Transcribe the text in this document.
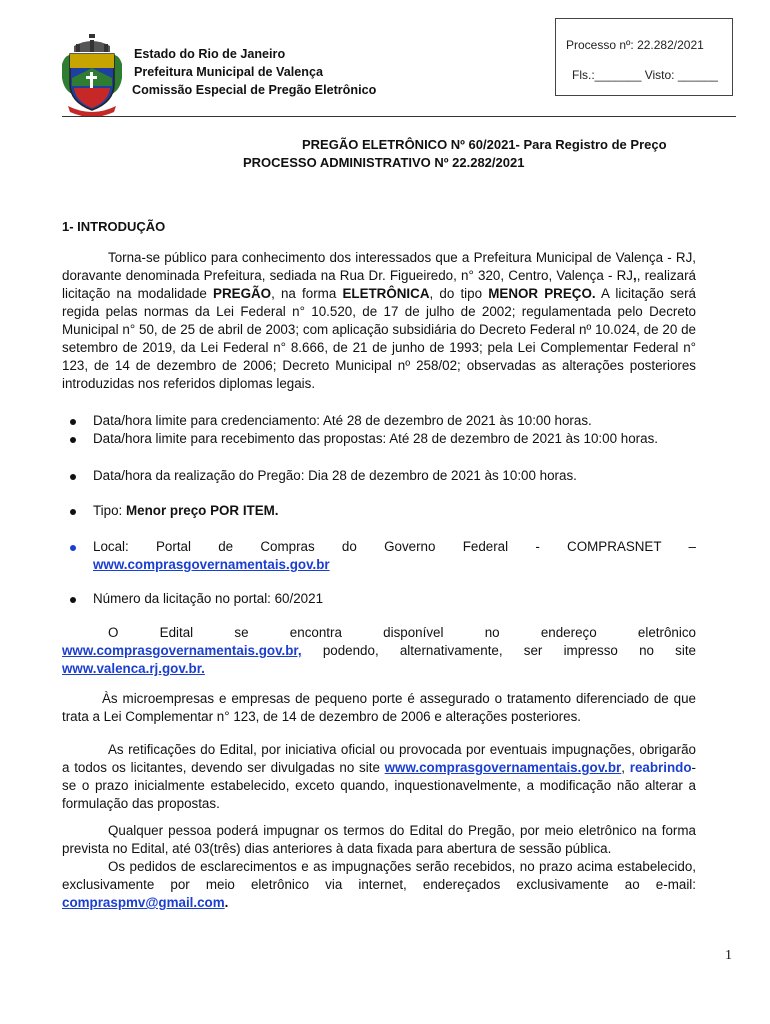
Estado do Rio de Janeiro
Prefeitura Municipal de Valença
Comissão Especial de Pregão Eletrônico
Processo nº: 22.282/2021
Fls.:_______ Visto: ______
PREGÃO ELETRÔNICO Nº 60/2021- Para Registro de Preço
PROCESSO ADMINISTRATIVO Nº 22.282/2021
1- INTRODUÇÃO
Torna-se público para conhecimento dos interessados que a Prefeitura Municipal de Valença - RJ, doravante denominada Prefeitura, sediada na Rua Dr. Figueiredo, n° 320, Centro, Valença - RJ,, realizará licitação na modalidade PREGÃO, na forma ELETRÔNICA, do tipo MENOR PREÇO. A licitação será regida pelas normas da Lei Federal n° 10.520, de 17 de julho de 2002; regulamentada pelo Decreto Municipal n° 50, de 25 de abril de 2003; com aplicação subsidiária do Decreto Federal nº 10.024, de 20 de setembro de 2019, da Lei Federal n° 8.666, de 21 de junho de 1993; pela Lei Complementar Federal n° 123, de 14 de dezembro de 2006; Decreto Municipal nº 258/02; observadas as alterações posteriores introduzidas nos referidos diplomas legais.
Data/hora limite para credenciamento: Até 28 de dezembro de 2021 às 10:00 horas.
Data/hora limite para recebimento das propostas: Até 28 de dezembro de 2021 às 10:00 horas.
Data/hora da realização do Pregão: Dia 28 de dezembro de 2021 às 10:00 horas.
Tipo: Menor preço POR ITEM.
Local: Portal de Compras do Governo Federal - COMPRASNET –
www.comprasgovernamentais.gov.br
Número da licitação no portal: 60/2021
O Edital se encontra disponível no endereço eletrônico
www.comprasgovernamentais.gov.br, podendo, alternativamente, ser impresso no site
www.valenca.rj.gov.br.
Às microempresas e empresas de pequeno porte é assegurado o tratamento diferenciado de que trata a Lei Complementar n° 123, de 14 de dezembro de 2006 e alterações posteriores.
As retificações do Edital, por iniciativa oficial ou provocada por eventuais impugnações, obrigarão a todos os licitantes, devendo ser divulgadas no site www.comprasgovernamentais.gov.br, reabrindo-se o prazo inicialmente estabelecido, exceto quando, inquestionavelmente, a modificação não alterar a formulação das propostas.
Qualquer pessoa poderá impugnar os termos do Edital do Pregão, por meio eletrônico na forma prevista no Edital, até 03(três) dias anteriores à data fixada para abertura de sessão pública.
Os pedidos de esclarecimentos e as impugnações serão recebidos, no prazo acima estabelecido, exclusivamente por meio eletrônico via internet, endereçados exclusivamente ao e-mail: compraspmv@gmail.com.
1
